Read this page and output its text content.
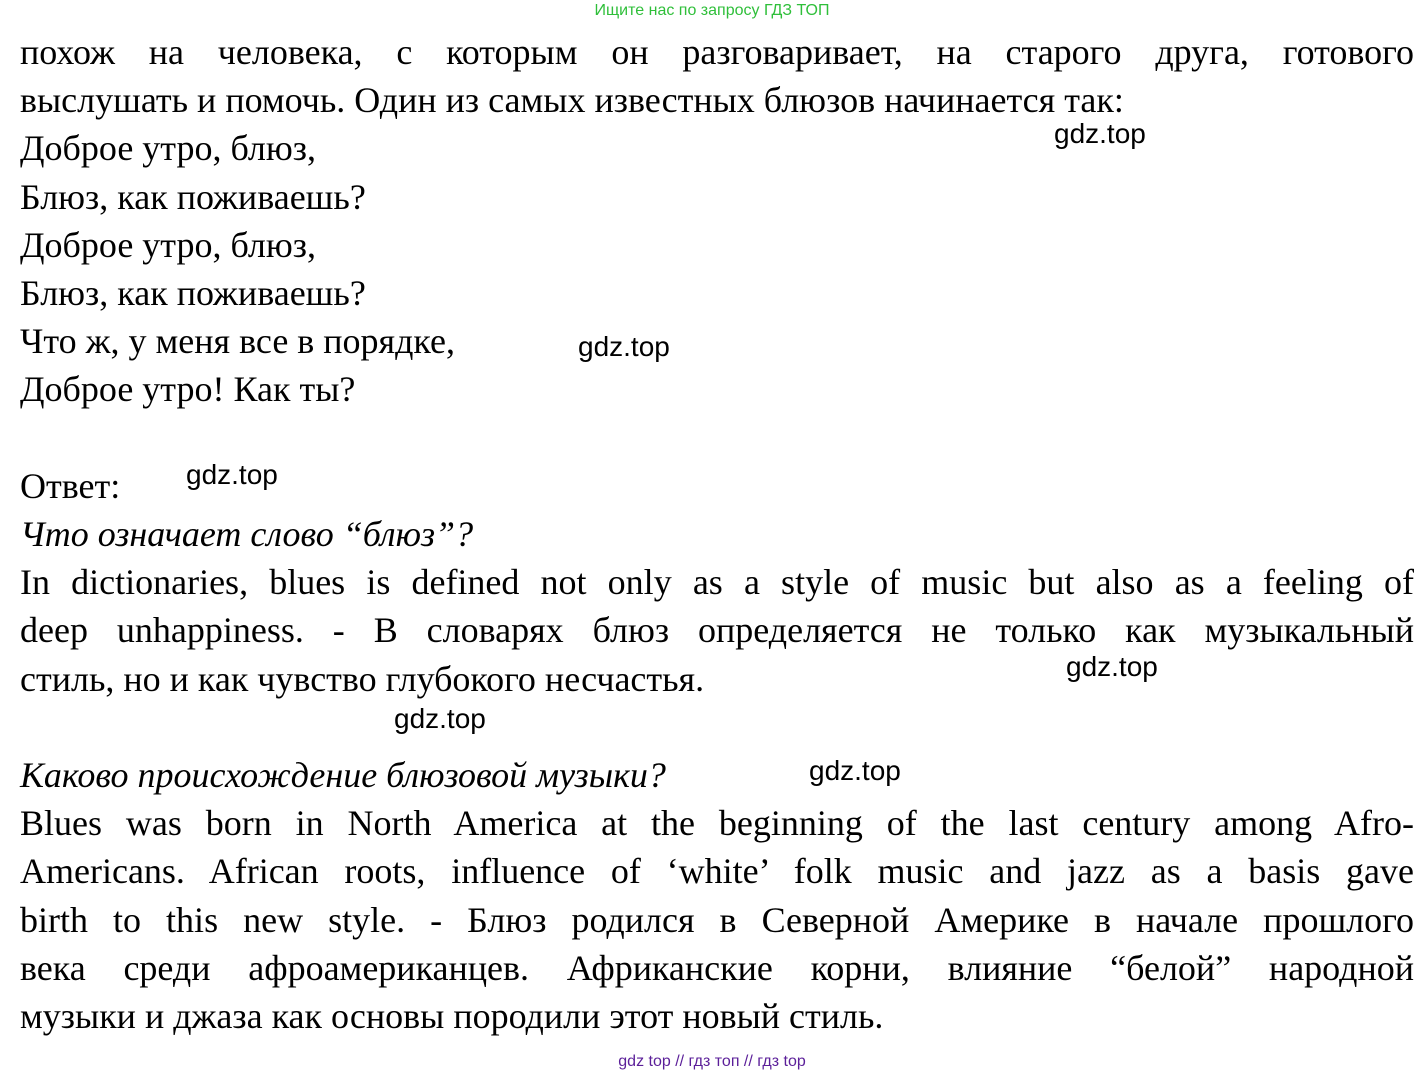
Ищите нас по запросу ГДЗ ТОП

похож на человека, с которым он разговаривает, на старого друга, готового

выслушать и помочь. Один из самых известных блюзов начинается так:

Доброе утро, блюз,

Блюз, как поживаешь?

Доброе утро, блюз,

Блюз, как поживаешь?

Что ж, у меня все в порядке,

Доброе утро! Как ты?

Ответ:

Что означает слово “блюз”?

In dictionaries, blues is defined not only as a style of music but also as a feeling of

deep unhappiness. - В словарях блюз определяется не только как музыкальный

стиль, но и как чувство глубокого несчастья.

Каково происхождение блюзовой музыки?

Blues was born in North America at the beginning of the last century among Afro-

Americans. African roots, influence of ‘white’ folk music and jazz as a basis gave

birth to this new style. - Блюз родился в Северной Америке в начале прошлого

века среди афроамериканцев. Африканские корни, влияние “белой” народной

музыки и джаза как основы породили этот новый стиль.

gdz.top
gdz.top
gdz.top
gdz.top
gdz.top
gdz.top
gdz top // гдз топ // гдз top
